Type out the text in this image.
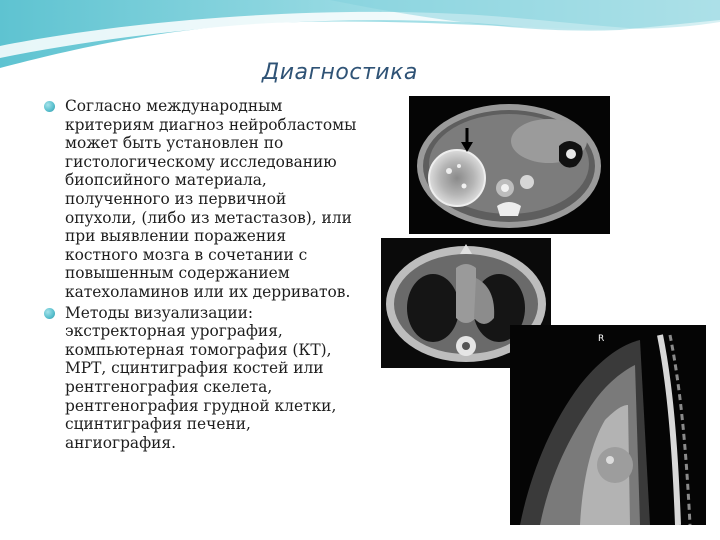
Диагностика
Согласно международным
критериям диагноз нейробластомы
может быть установлен по
гистологическому исследованию
биопсийного материала,
полученного из первичной
опухоли, (либо из метастазов), или
при выявлении поражения
костного мозга в сочетании с
повышенным содержанием
катехоламинов или их дерриватов.
Методы визуализации:
экстректорная урография,
компьютерная томография (КТ),
МРТ, сцинтиграфия костей или
рентгенография скелета,
рентгенография грудной клетки,
сцинтиграфия печени,
ангиография.
R
